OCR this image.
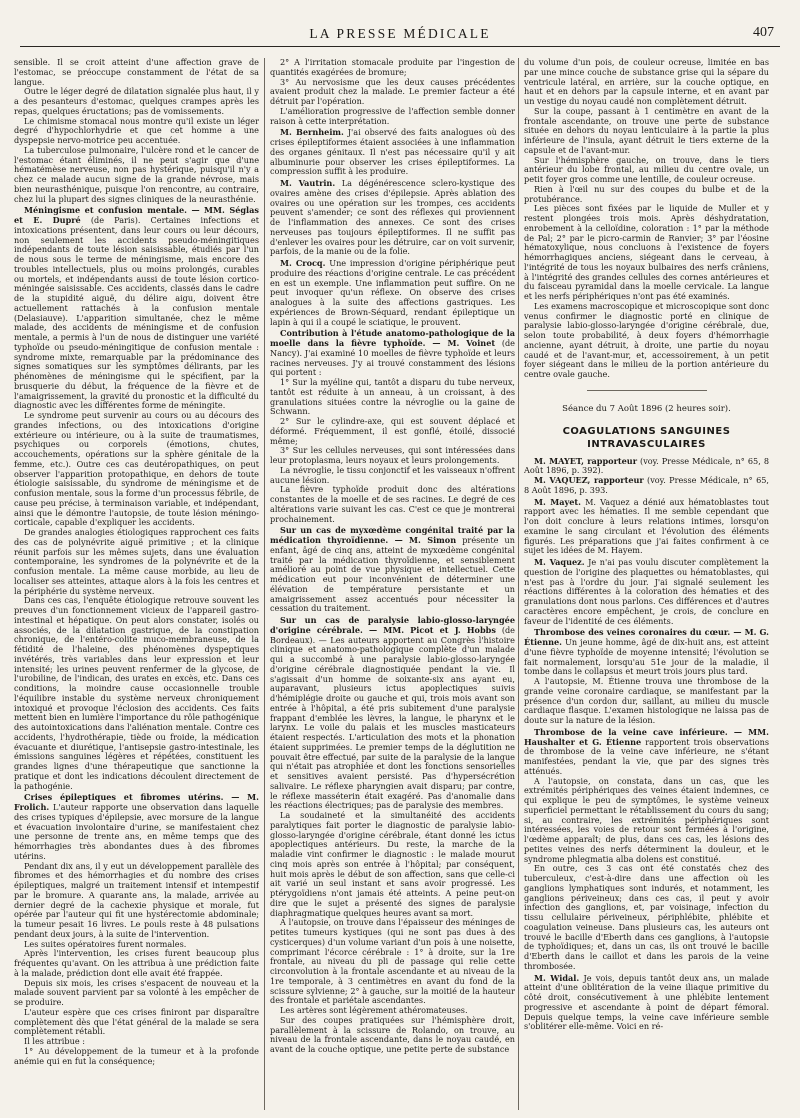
LA PRESSE MÉDICALE	407

sensible. Il se croit atteint d'une affection grave de l'estomac, se préoccupe constamment de l'état de sa langue.

Outre le léger degré de dilatation signalée plus haut, il y a des pesanteurs d'estomac, quelques crampes après les repas, quelques éructations; pas de vomissements.

Le chimisme stomacal nous montre qu'il existe un léger degré d'hypochlorhydrie et que cet homme a une dyspepsie nervo-motrice peu accentuée.

La tuberculose pulmonaire, l'ulcère rond et le cancer de l'estomac étant éliminés, il ne peut s'agir que d'une hématémèse nerveuse, non pas hystérique, puisqu'il n'y a chez ce malade aucun signe de la grande névrose, mais bien neurasthénique, puisque l'on rencontre, au contraire, chez lui la plupart des signes cliniques de la neurasthénie.

Méningisme et confusion mentale. — MM. Séglas et E. Dupré (de Paris). Certaines infections et intoxications présentent, dans leur cours ou leur décours, non seulement les accidents pseudo-méningitiques indépendants de toute lésion saisissable, étudiés par l'un de nous sous le terme de méningisme, mais encore des troubles intellectuels, plus ou moins prolongés, curables ou mortels, et indépendants aussi de toute lésion cortico-méningée saisissable. Ces accidents, classés dans le cadre de la stupidité aiguë, du délire aigu, doivent être actuellement rattachés à la confusion mentale (Delasiauve). L'apparition simultanée, chez le même malade, des accidents de méningisme et de confusion mentale, a permis à l'un de nous de distinguer une variété typhoïde ou pseudo-méningitique de confusion mentale : syndrome mixte, remarquable par la prédominance des signes somatiques sur les symptômes délirants, par les phénomènes de méningisme qui le spécifient, par la brusquerie du début, la fréquence de la fièvre et de l'amaigrissement, la gravité du pronostic et la difficulté du diagnostic avec les différentes forme de méningite.

Le syndrome peut survenir au cours ou au décours des grandes infections, ou des intoxications d'origine extérieure ou intérieure, ou à la suite de traumatismes, psychiques ou corporels (émotions, chutes, accouchements, opérations sur la sphère génitale de la femme, etc.). Outre ces cas deutéropathiques, on peut observer l'apparition protopathique, en dehors de toute étiologie saisissable, du syndrome de méningisme et de confusion mentale, sous la forme d'un processus fébrile, de cause peu précise, à terminaison variable, et indépendant, ainsi que le démontre l'autopsie, de toute lésion méningo-corticale, capable d'expliquer les accidents.

De grandes analogies étiologiques rapprochent ces faits des cas de polynévrite aiguë primitive ; et la clinique réunit parfois sur les mêmes sujets, dans une évaluation contemporaine, les syndromes de la polynévrite et de la confusion mentale. La même cause morbide, au lieu de localiser ses atteintes, attaque alors à la fois les centres et la périphérie du système nerveux.

Dans ces cas, l'enquête étiologique retrouve souvent les preuves d'un fonctionnement vicieux de l'appareil gastro-intestinal et hépatique. On peut alors constater, isolés ou associés, de la dilatation gastrique, de la constipation chronique, de l'entéro-colite muco-membraneuse, de la fétidité de l'haleine, des phénomènes dyspeptiques invétérés, très variables dans leur expression et leur intensité; les urines peuvent renfermer de la glycose, de l'urobiline, de l'indican, des urates en excès, etc. Dans ces conditions, la moindre cause occasionnelle trouble l'équilibre instable du système nerveux chroniquement intoxiqué et provoque l'éclosion des accidents. Ces faits mettent bien en lumière l'importance du rôle pathogénique des autointoxications dans l'aliénation mentale. Contre ces accidents, l'hydrothérapie, tiède ou froide, la médication évacuante et diurétique, l'antisepsie gastro-intestinale, les émissions sanguines légères et répétées, constituent les grandes lignes d'une thérapeutique que sanctionne la pratique et dont les indications découlent directement de la pathogénie.

Crises épileptiques et fibromes utérins. — M. Frolich. L'auteur rapporte une observation dans laquelle des crises typiques d'épilepsie, avec morsure de la langue et évacuation involontaire d'urine, se manifestaient chez une personne de trente ans, en même temps que des hémorrhagies très abondantes dues à des fibromes utérins.

Pendant dix ans, il y eut un développement parallèle des fibromes et des hémorrhagies et du nombre des crises épileptiques, malgré un traitement intensif et intempestif par le bromure. A quarante ans, la malade, arrivée au dernier degré de la cachexie physique et morale, fut opérée par l'auteur qui fit une hystérectomie abdominale; la tumeur pesait 16 livres. Le pouls reste à 48 pulsations pendant deux jours, à la suite de l'intervention.

Les suites opératoires furent normales.

Après l'intervention, les crises furent beaucoup plus fréquentes qu'avant. On les attribua à une prédiction faite à la malade, prédiction dont elle avait été frappée.

Depuis six mois, les crises s'espacent de nouveau et la malade souvent parvient par sa volonté à les empêcher de se produire.

L'auteur espère que ces crises finiront par disparaître complètement dès que l'état général de la malade se sera complètement rétabli.

Il les attribue :

1° Au développement de la tumeur et à la profonde anémie qui en fut la conséquence;

2° A l'irritation stomacale produite par l'ingestion de quantités exagérées de bromure;

3° Au nervosisme que les deux causes précédentes avaient produit chez la malade. Le premier facteur a été détruit par l'opération.

L'amélioration progressive de l'affection semble donner raison à cette interprétation.

M. Bernheim. J'ai observé des faits analogues où des crises épileptiformes étaient associées à une inflammation des organes génitaux. Il n'est pas nécessaire qu'il y ait albuminurie pour observer les crises épileptiformes. La compression suffit à les produire.

M. Vautrin. La dégénérescence sclero-kystique des ovaires amène des crises d'épilepsie. Après ablation des ovaires ou une opération sur les trompes, ces accidents peuvent s'amender; ce sont des réflexes qui proviennent de l'inflammation des annexes. Ce sont des crises nerveuses pas toujours épileptiformes. Il ne suffit pas d'enlever les ovaires pour les détruire, car on voit survenir, parfois, de la manie ou de la folie.

M. Crocq. Une impression d'origine périphérique peut produire des réactions d'origine centrale. Le cas précédent en est un exemple. Une inflammation peut suffire. On ne peut invoquer qu'un réflexe. On observe des crises analogues à la suite des affections gastriques. Les expériences de Brown-Séquard, rendant épileptique un lapin à qui il a coupé le sciatique, le prouvent.

Contribution à l'étude anatomo-pathologique de la moelle dans la fièvre typhoïde. — M. Voinet (de Nancy). J'ai examiné 10 moelles de fièvre typhoïde et leurs racines nerveuses. J'y ai trouvé constamment des lésions qui portent :

1° Sur la myéline qui, tantôt a disparu du tube nerveux, tantôt est réduite à un anneau, à un croissant, à des granulations situées contre la névroglie ou la gaine de Schwann.

2° Sur le cylindre-axe, qui est souvent déplacé et déformé. Fréquemment, il est gonflé, étoilé, dissocié même;

3° Sur les cellules nerveuses, qui sont intéressées dans leur protoplasma, leurs noyaux et leurs prolongements.

La névroglie, le tissu conjonctif et les vaisseaux n'offrent aucune lésion.

La fièvre typhoïde produit donc des altérations constantes de la moelle et de ses racines. Le degré de ces altérations varie suivant les cas. C'est ce que je montrerai prochainement.

Sur un cas de myxœdème congénital traité par la médication thyroïdienne. — M. Simon présente un enfant, âgé de cinq ans, atteint de myxœdème congénital traité par la médication thyroïdienne, et sensiblement amélioré au point de vue physique et intellectuel. Cette médication eut pour inconvénient de déterminer une élévation de température persistante et un amaigrissement assez accentués pour nécessiter la cessation du traitement.

Sur un cas de paralysie labio-glosso-laryngée d'origine cérébrale. — MM. Picot et J. Hobbs (de Bordeaux). — Les auteurs apportent au Congrès l'histoire clinique et anatomo-pathologique complète d'un malade qui a succombé à une paralysie labio-glosso-laryngée d'origine cérébrale diagnostiquée pendant la vie. Il s'agissait d'un homme de soixante-six ans ayant eu, auparavant, plusieurs ictus apoplectiques suivis d'hémiplégie droite ou gauche et qui, trois mois avant son entrée à l'hôpital, a été pris subitement d'une paralysie frappant d'emblée les lèvres, la langue, le pharynx et le larynx. Le voile du palais et les muscles masticateurs étaient respectés. L'articulation des mots et la phonation étaient supprimées. Le premier temps de la déglutition ne pouvait être effectué, par suite de la paralysie de la langue qui n'était pas atrophiée et dont les fonctions sensorielles et sensitives avaient persisté. Pas d'hypersécrétion salivaire. Le réflexe pharyngien avait disparu; par contre, le réflexe masséterin était exagéré. Pas d'anomalie dans les réactions électriques; pas de paralysie des membres.

La soudaineté et la simultanéité des accidents paralytiques fait porter le diagnostic de paralysie labio-glosso-laryngée d'origine cérébrale, étant donné les ictus apoplectiques antérieurs. Du reste, la marche de la maladie vint confirmer le diagnostic : le malade mourut cinq mois après son entrée à l'hôpital; par conséquent, huit mois après le début de son affection, sans que celle-ci ait varié un seul instant et sans avoir progressé. Les ptérygoïdiens n'ont jamais été atteints. A peine peut-on dire que le sujet a présenté des signes de paralysie diaphragmatique quelques heures avant sa mort.

A l'autopsie, on trouve dans l'épaisseur des méninges de petites tumeurs kystiques (qui ne sont pas dues à des cysticerques) d'un volume variant d'un pois à une noisette, comprimant l'écorce cérébrale : 1° à droite, sur la 1re frontale, au niveau du pli de passage qui relie cette circonvolution à la frontale ascendante et au niveau de la 1re temporale, à 3 centimètres en avant du fond de la scissure sylvienne; 2° à gauche, sur la moitié de la hauteur des frontale et pariétale ascendantes.

Les artères sont légèrement athéromateuses.

Sur des coupes pratiquées sur l'hémisphère droit, parallèlement à la scissure de Rolando, on trouve, au niveau de la frontale ascendante, dans le noyau caudé, en avant de la couche optique, une petite perte de substance

du volume d'un pois, de couleur ocreuse, limitée en bas par une mince couche de substance grise qui la sépare du ventricule latéral, en arrière, sur la couche optique, en haut et en dehors par la capsule interne, et en avant par un vestige du noyau caudé non complètement détruit.

Sur la coupe, passant à 1 centimètre en avant de la frontale ascendante, on trouve une perte de substance située en dehors du noyau lenticulaire à la partie la plus inférieure de l'insula, ayant détruit le tiers externe de la capsule et de l'avant-mur.

Sur l'hémisphère gauche, on trouve, dans le tiers antérieur du lobe frontal, au milieu du centre ovale, un petit foyer gros comme une lentille, de couleur ocreuse.

Rien à l'œil nu sur des coupes du bulbe et de la protubérance.

Les pièces sont fixées par le liquide de Muller et y restent plongées trois mois. Après déshydratation, enrobement à la celloïdine, coloration : 1° par la méthode de Pal; 2° par le picro-carmin de Ranvier; 3° par l'éosine hématoxylique, nous concluons à l'existence de foyers hémorrhagiques anciens, siégeant dans le cerveau, à l'intégrité de tous les noyaux bulbaires des nerfs crâniens, à l'intégrité des grandes cellules des cornes antérieures et du faisceau pyramidal dans la moelle cervicale. La langue et les nerfs périphériques n'ont pas été examinés.

Les examens macroscopique et microscopique sont donc venus confirmer le diagnostic porté en clinique de paralysie labio-glosso-laryngée d'origine cérébrale, due, selon toute probabilité, à deux foyers d'hémorrhagie ancienne, ayant détruit, à droite, une partie du noyau caudé et de l'avant-mur, et, accessoirement, à un petit foyer siégeant dans le milieu de la portion antérieure du centre ovale gauche.

Séance du 7 Août 1896 (2 heures soir).

COAGULATIONS SANGUINES

INTRAVASCULAIRES

M. MAYET, rapporteur (voy. Presse Médicale, n° 65, 8 Août 1896, p. 392).

M. VAQUEZ, rapporteur (voy. Presse Médicale, n° 65, 8 Août 1896, p. 393.

M. Mayet. M. Vaquez a dénié aux hématoblastes tout rapport avec les hématies. Il me semble cependant que l'on doit conclure à leurs relations intimes, lorsqu'on examine le sang circulant et l'évolution des éléments figurés. Les préparations que j'ai faites confirment à ce sujet les idées de M. Hayem.

M. Vaquez. Je n'ai pas voulu discuter complètement la question de l'origine des plaquettes ou hématoblastes, qui n'est pas à l'ordre du jour. J'ai signalé seulement les réactions différentes à la coloration des hématies et des granulations dont nous parlons. Ces différences et d'autres caractères encore empêchent, je crois, de conclure en faveur de l'identité de ces éléments.

Thrombose des veines coronaires du cœur. — M. G. Étienne. Un jeune homme, âgé de dix-huit ans, est atteint d'une fièvre typhoïde de moyenne intensité; l'évolution se fait normalement, lorsqu'au 51e jour de la maladie, il tombe dans le collapsus et meurt trois jours plus tard.

A l'autopsie, M. Étienne trouva une thrombose de la grande veine coronaire cardiaque, se manifestant par la présence d'un cordon dur, saillant, au milieu du muscle cardiaque flasque. L'examen histologique ne laissa pas de doute sur la nature de la lésion.

Thrombose de la veine cave inférieure. — MM. Haushalter et G. Étienne rapportent trois observations de thrombose de la veine cave inférieure, ne s'étant manifestées, pendant la vie, que par des signes très atténués.

A l'autopsie, on constata, dans un cas, que les extrémités périphériques des veines étaient indemnes, ce qui explique le peu de symptômes, le système veineux superficiel permettant le rétablissement du cours du sang; si, au contraire, les extrémités périphériques sont intéressées, les voies de retour sont fermées à l'origine, l'œdème apparaît; de plus, dans ces cas, les lésions des petites veines des nerfs déterminent la douleur, et le syndrome phlegmatia alba dolens est constitué.

En outre, ces 3 cas ont été constatés chez des tuberculeux, c'est-à-dire dans une affection où les ganglions lymphatiques sont indurés, et notamment, les ganglions périveineux; dans ces cas, il peut y avoir infection des ganglions, et, par voisinage, infection du tissu cellulaire périveineux, périphlébite, phlébite et coagulation veineuse. Dans plusieurs cas, les auteurs ont trouvé le bacille d'Eberth dans ces ganglions, à l'autopsie de typhoïdiques; et, dans un cas, ils ont trouvé le bacille d'Eberth dans le caillot et dans les parois de la veine thrombosée.

M. Widal. Je vois, depuis tantôt deux ans, un malade atteint d'une oblitération de la veine iliaque primitive du côté droit, consécutivement à une phlébite lentement progressive et ascendante à point de départ fémoral. Depuis quelque temps, la veine cave inférieure semble s'oblitérer elle-même. Voici en ré-
